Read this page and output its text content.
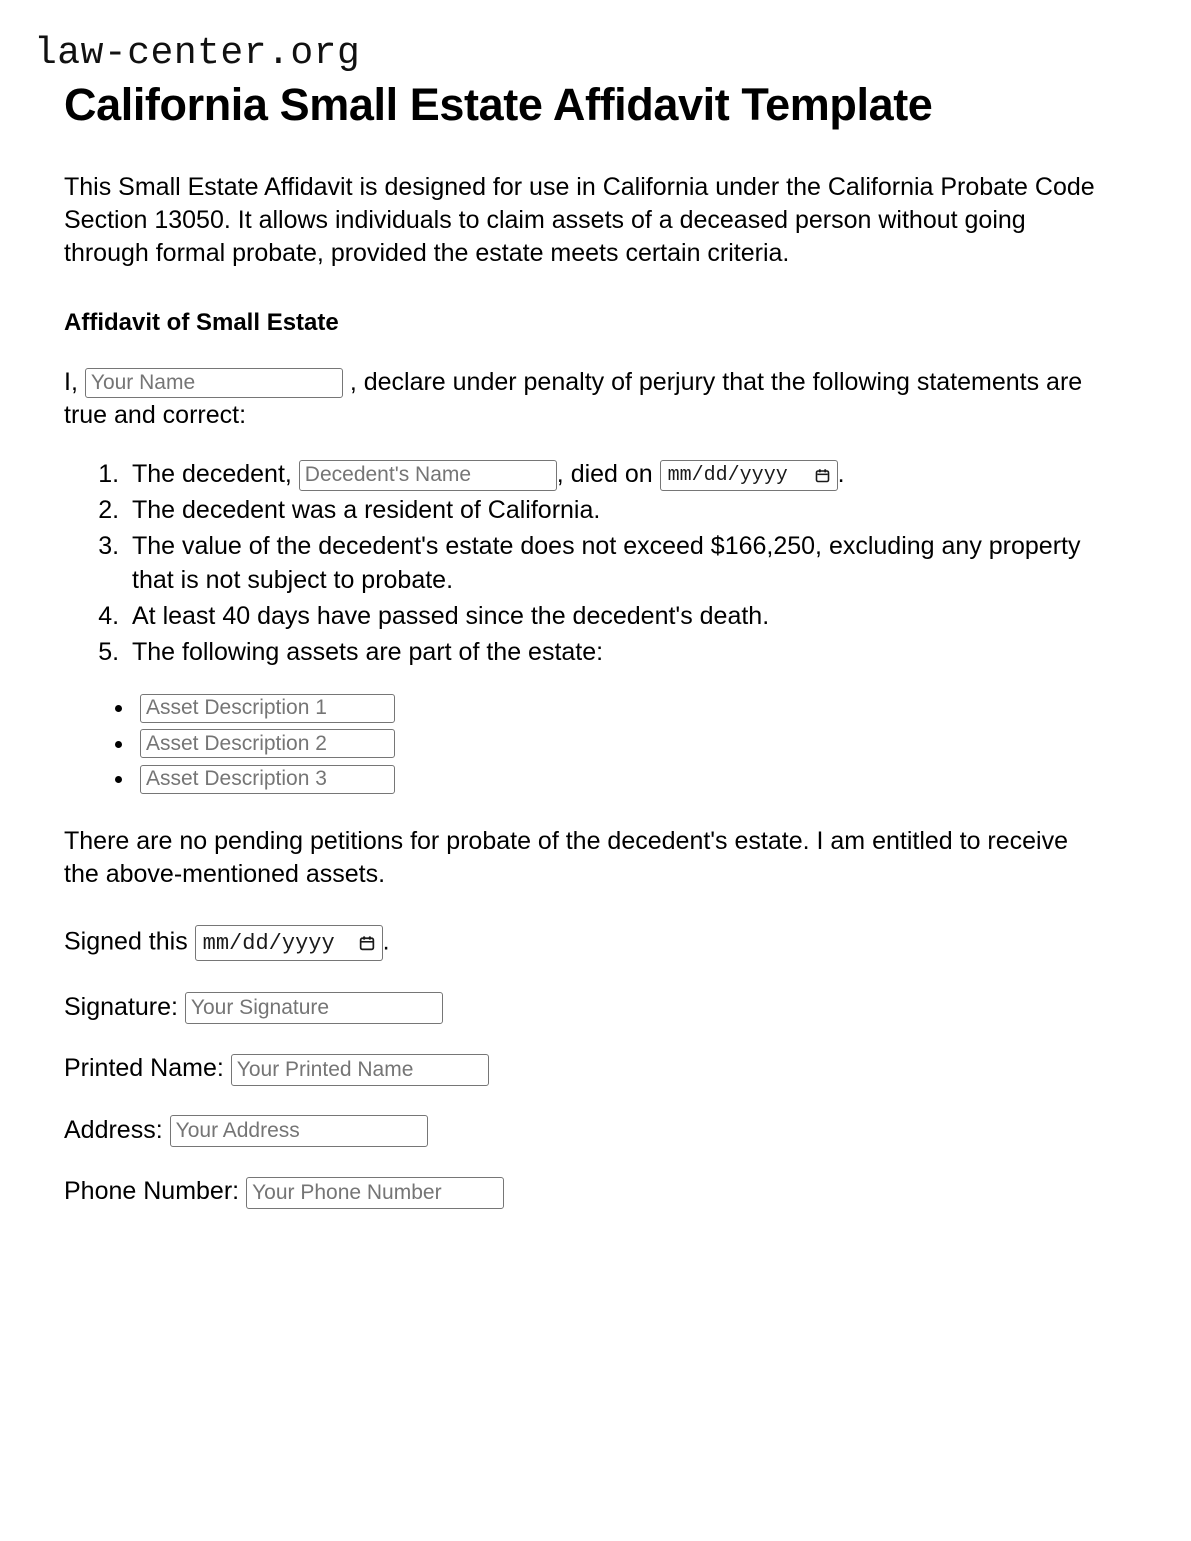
law-center.org
California Small Estate Affidavit Template

This Small Estate Affidavit is designed for use in California under the California Probate Code Section 13050. It allows individuals to claim assets of a deceased person without going through formal probate, provided the estate meets certain criteria.

Affidavit of Small Estate

I, Your Name	, declare under penalty of perjury that the following statements are true and correct:

1. The decedent, Decedent's Name	, died on mm/dd/yyyy .
2. The decedent was a resident of California.
3. The value of the decedent's estate does not exceed $166,250, excluding any property that is not subject to probate.
4. At least 40 days have passed since the decedent's death.
5. The following assets are part of the estate:
• Asset Description 1
• Asset Description 2
• Asset Description 3

There are no pending petitions for probate of the decedent's estate. I am entitled to receive the above-mentioned assets.

Signed this mm/dd/yyyy .

Signature: Your Signature

Printed Name: Your Printed Name

Address: Your Address

Phone Number: Your Phone Number
